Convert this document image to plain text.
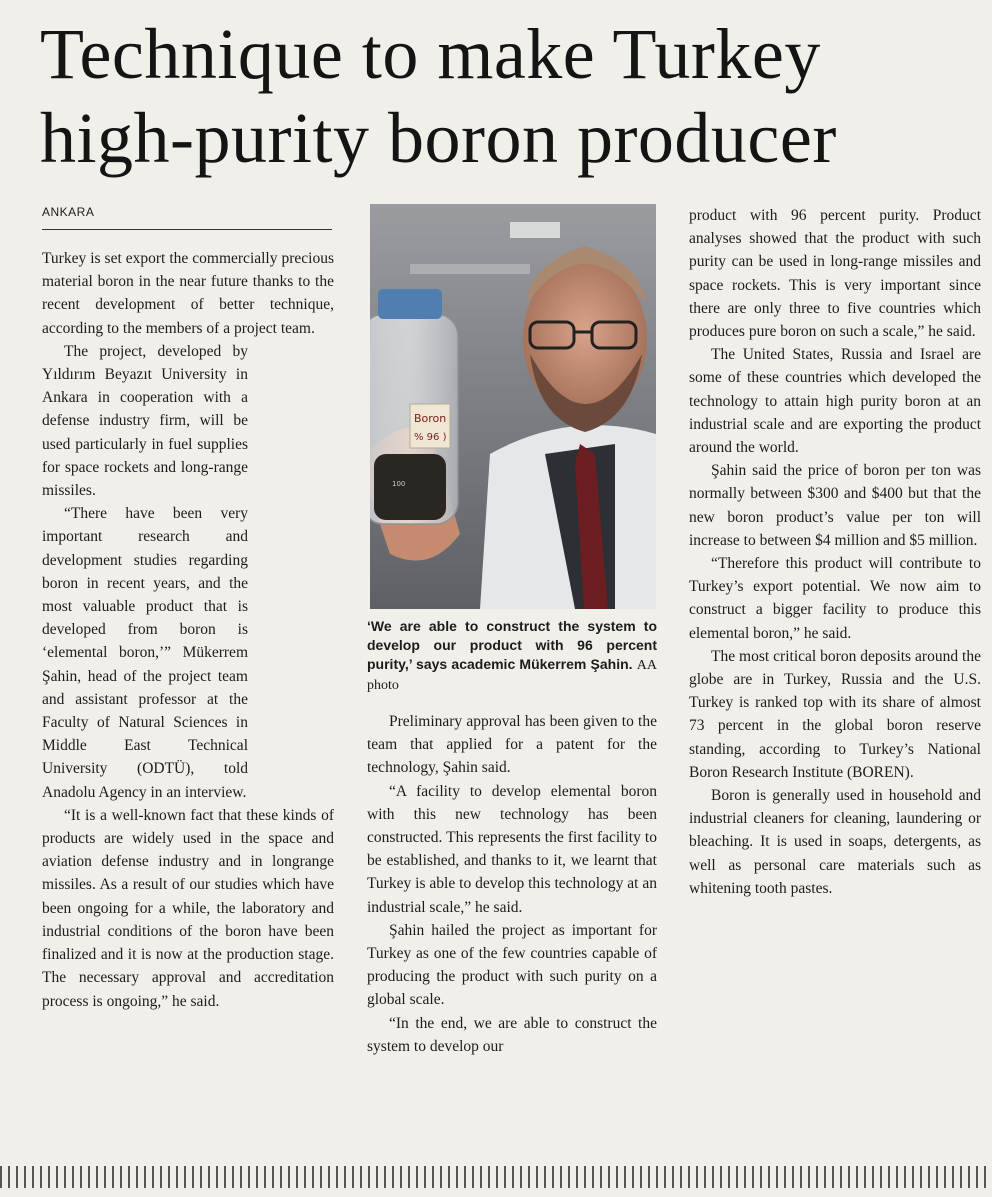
Technique to make Turkey high-purity boron producer
ANKARA

Turkey is set export the commercially precious material boron in the near future thanks to the recent development of better technique, according to the members of a project team.

The project, developed by Yıldırım Beyazıt University in Ankara in cooperation with a defense industry firm, will be used particularly in fuel supplies for space rockets and long-range missiles.

“There have been very important research and development studies regarding boron in recent years, and the most valuable product that is developed from boron is ‘elemental boron,’” Mükerrem Şahin, head of the project team and assistant professor at the Faculty of Natural Sciences in Middle East Technical University (ODTÜ), told Anadolu Agency in an interview.

“It is a well-known fact that these kinds of products are widely used in the space and aviation defense industry and in longrange missiles. As a result of our studies which have been ongoing for a while, the laboratory and industrial conditions of the boron have been finalized and it is now at the production stage. The necessary approval and accreditation process is ongoing,” he said.

Boron
% 96 )
100
‘We are able to construct the system to develop our product with 96 percent purity,’ says academic Mükerrem Şahin. AA photo

Preliminary approval has been given to the team that applied for a patent for the technology, Şahin said.

“A facility to develop elemental boron with this new technology has been constructed. This represents the first facility to be established, and thanks to it, we learnt that Turkey is able to develop this technology at an industrial scale,” he said.

Şahin hailed the project as important for Turkey as one of the few countries capable of producing the product with such purity on a global scale.

“In the end, we are able to construct the system to develop our

product with 96 percent purity. Product analyses showed that the product with such purity can be used in long-range missiles and space rockets. This is very important since there are only three to five countries which produces pure boron on such a scale,” he said.

The United States, Russia and Israel are some of these countries which developed the technology to attain high purity boron at an industrial scale and are exporting the product around the world.

Şahin said the price of boron per ton was normally between $300 and $400 but that the new boron product’s value per ton will increase to between $4 million and $5 million.

“Therefore this product will contribute to Turkey’s export potential. We now aim to construct a bigger facility to produce this elemental boron,” he said.

The most critical boron deposits around the globe are in Turkey, Russia and the U.S. Turkey is ranked top with its share of almost 73 percent in the global boron reserve standing, according to Turkey’s National Boron Research Institute (BOREN).

Boron is generally used in household and industrial cleaners for cleaning, laundering or bleaching. It is used in soaps, detergents, as well as personal care materials such as whitening tooth pastes.
